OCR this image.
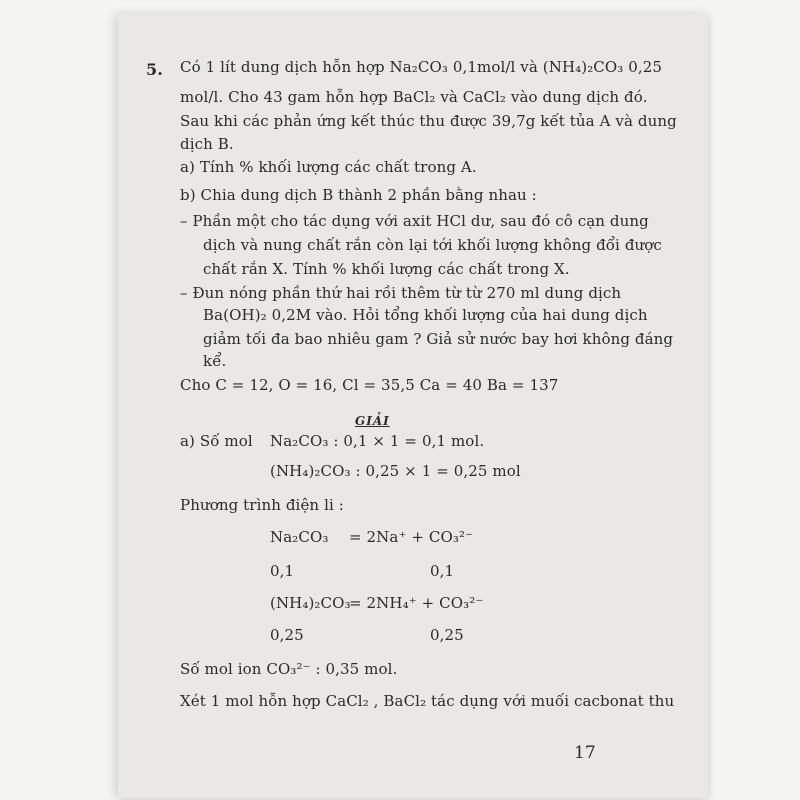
5. Có 1 lít dung dịch hỗn hợp Na₂CO₃ 0,1mol/l và (NH₄)₂CO₃ 0,25
mol/l. Cho 43 gam hỗn hợp BaCl₂ và CaCl₂ vào dung dịch đó.
Sau khi các phản ứng kết thúc thu được 39,7g kết tủa A và dung
dịch B.
a) Tính % khối lượng các chất trong A.
b) Chia dung dịch B thành 2 phần bằng nhau :
– Phần một cho tác dụng với axit HCl dư, sau đó cô cạn dung
dịch và nung chất rắn còn lại tới khối lượng không đổi được
chất rắn X. Tính % khối lượng các chất trong X.
– Đun nóng phần thứ hai rồi thêm từ từ 270 ml dung dịch
Ba(OH)₂ 0,2M vào. Hỏi tổng khối lượng của hai dung dịch
giảm tối đa bao nhiêu gam ? Giả sử nước bay hơi không đáng
kể.
Cho C = 12, O = 16, Cl = 35,5 Ca = 40 Ba = 137
GIẢI
a) Số mol Na₂CO₃ : 0,1 × 1 = 0,1 mol.
(NH₄)₂CO₃ : 0,25 × 1 = 0,25 mol
Phương trình điện li :
Na₂CO₃ = 2Na⁺ + CO₃²⁻
0,1	0,1
(NH₄)₂CO₃
= 2NH₄⁺ + CO₃²⁻
0,25	0,25
Số mol ion CO₃²⁻ : 0,35 mol.
Xét 1 mol hỗn hợp CaCl₂ , BaCl₂ tác dụng với muối cacbonat thu
17
